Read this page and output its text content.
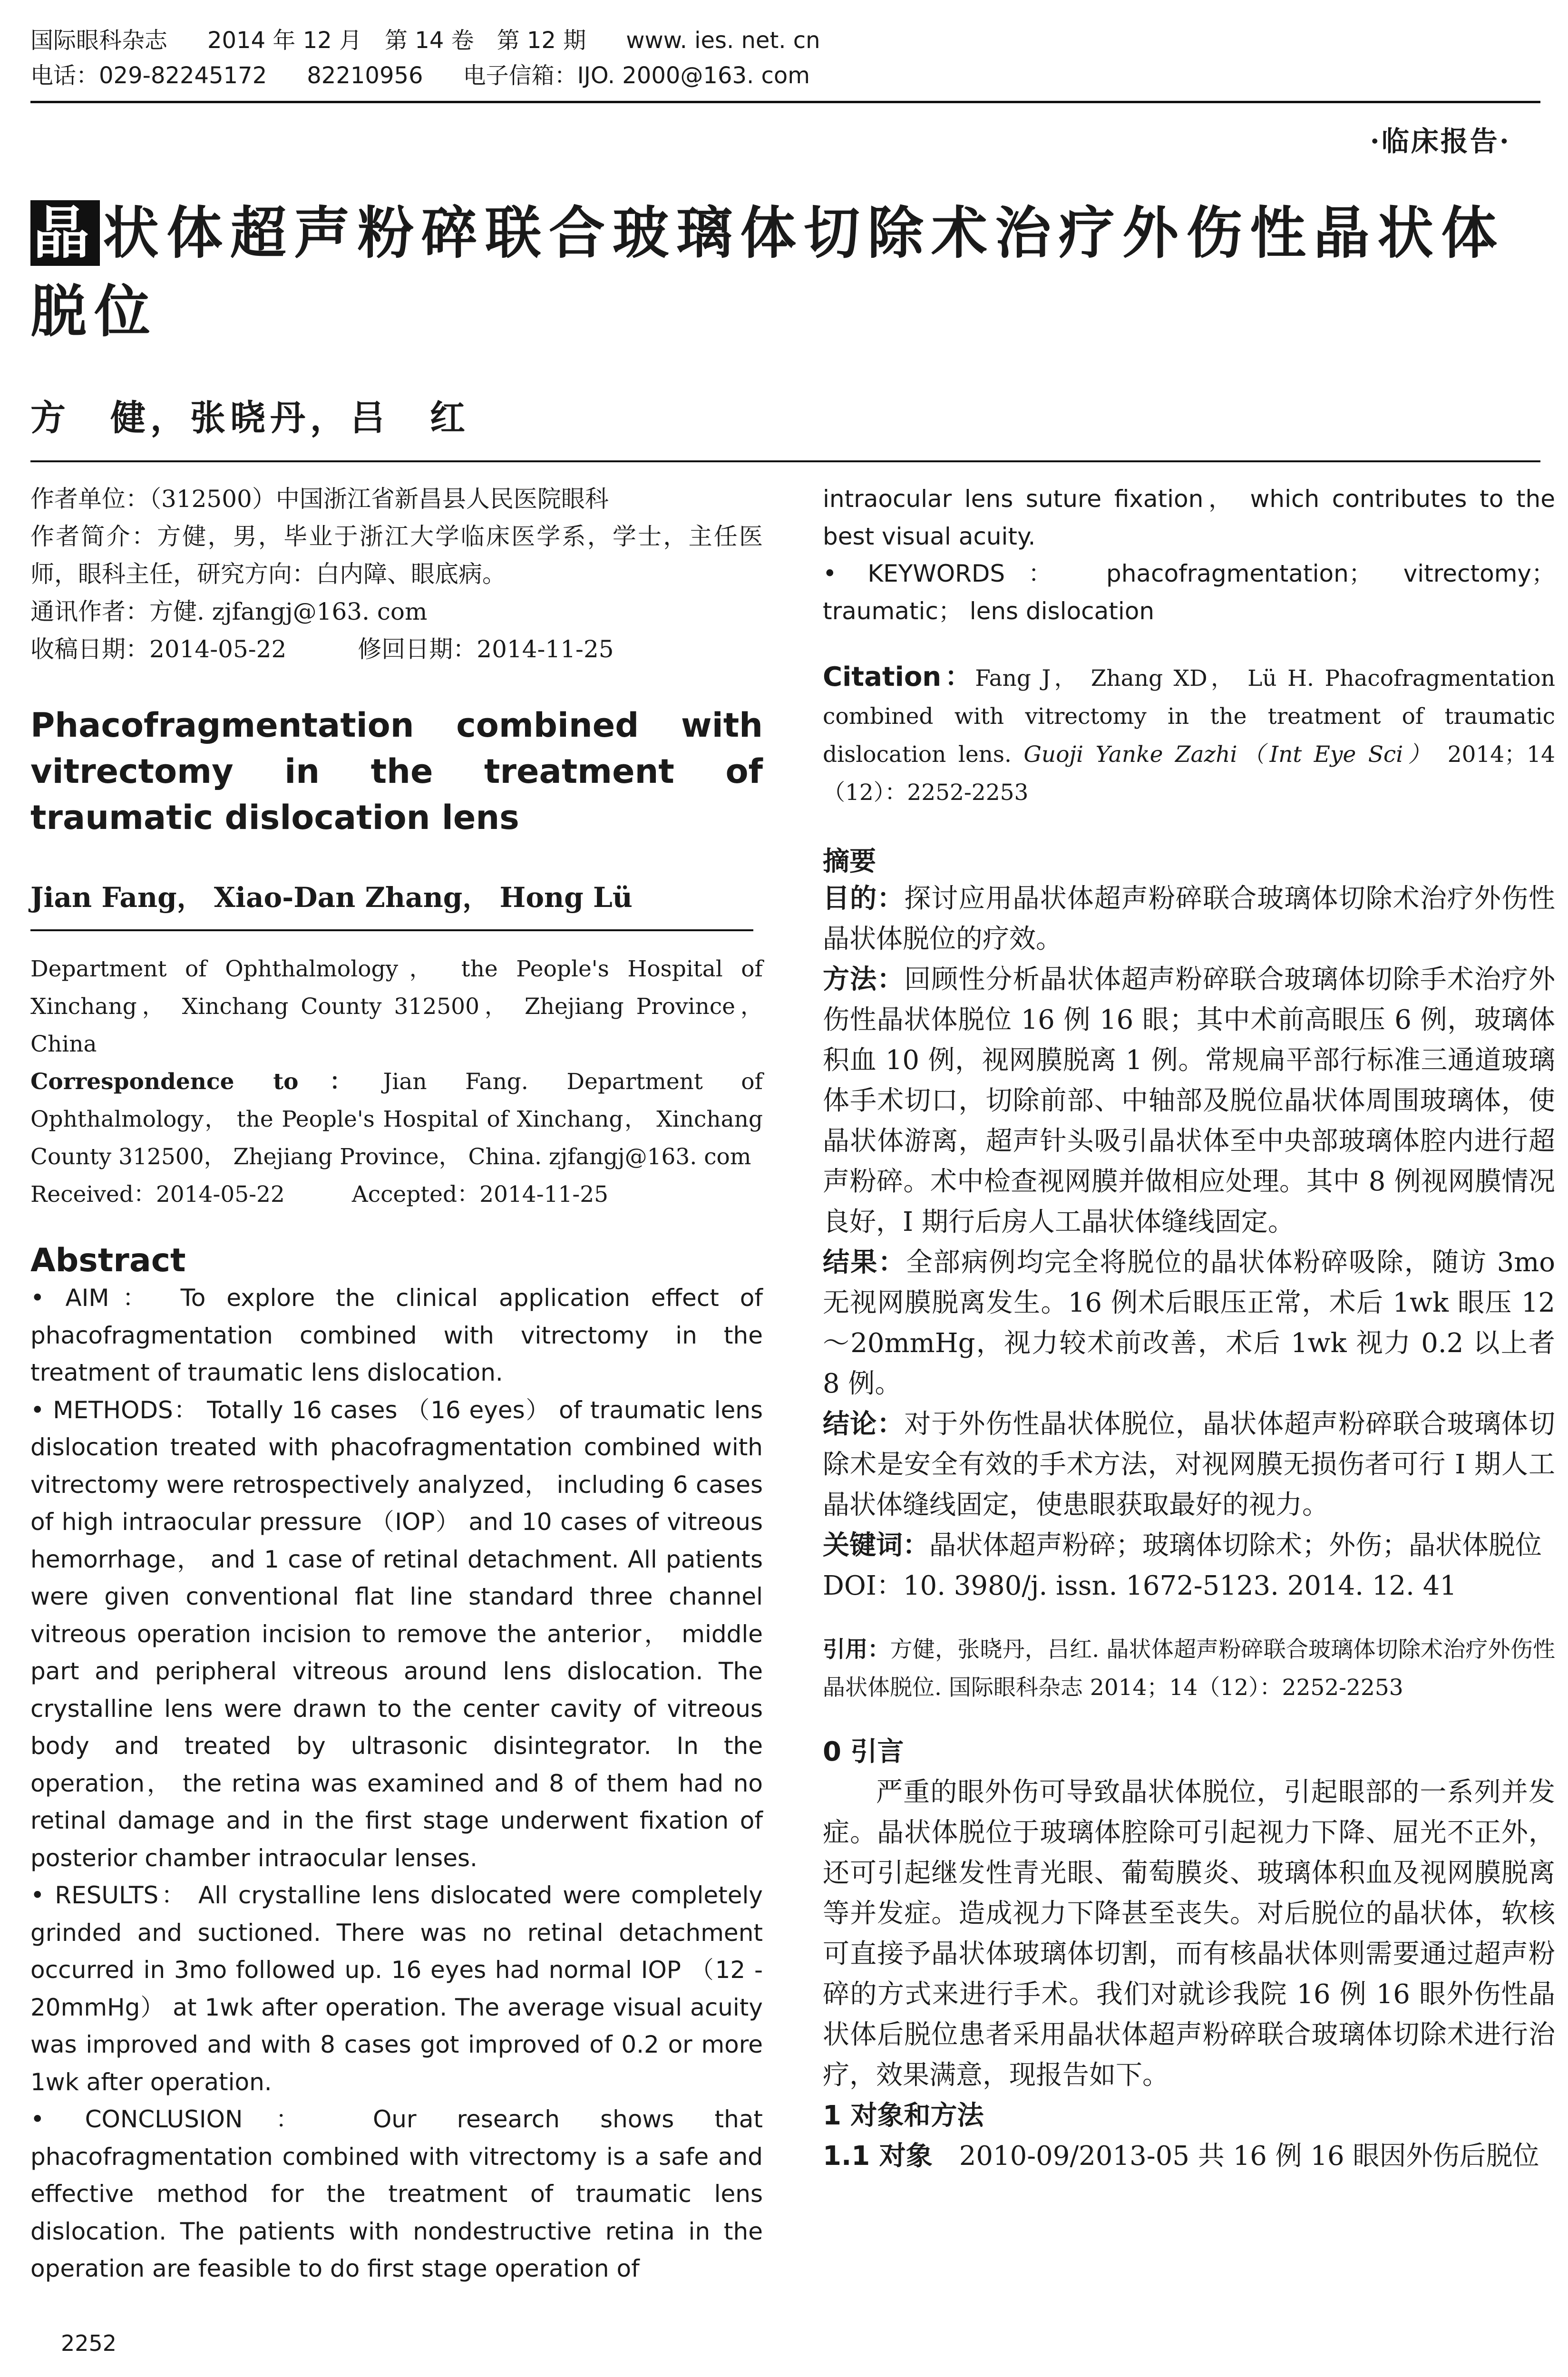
国际眼科杂志 2014 年 12 月　第 14 卷　第 12 期 www. ies. net. cn
电话：029-82245172 82210956 电子信箱：IJO. 2000@163. com
·临床报告·
晶 状体超声粉碎联合玻璃体切除术治疗外伤性晶状体脱位
方　健，张晓丹，吕　红
作者单位：（312500）中国浙江省新昌县人民医院眼科
作者简介：方健，男，毕业于浙江大学临床医学系，学士，主任医师，眼科主任，研究方向：白内障、眼底病。
通讯作者：方健. zjfangj@163. com
收稿日期：2014-05-22　　　修回日期：2014-11-25
Phacofragmentation combined with vitrectomy in the treatment of traumatic dislocation lens
Jian Fang， Xiao-Dan Zhang， Hong Lü
Department of Ophthalmology， the People's Hospital of Xinchang， Xinchang County 312500， Zhejiang Province， China
Correspondence to：Jian Fang. Department of Ophthalmology， the People's Hospital of Xinchang， Xinchang County 312500， Zhejiang Province， China. zjfangj@163. com
Received：2014-05-22　　　Accepted：2014-11-25
Abstract

• AIM： To explore the clinical application effect of phacofragmentation combined with vitrectomy in the treatment of traumatic lens dislocation.

• METHODS： Totally 16 cases （16 eyes） of traumatic lens dislocation treated with phacofragmentation combined with vitrectomy were retrospectively analyzed， including 6 cases of high intraocular pressure （IOP） and 10 cases of vitreous hemorrhage， and 1 case of retinal detachment. All patients were given conventional flat line standard three channel vitreous operation incision to remove the anterior， middle part and peripheral vitreous around lens dislocation. The crystalline lens were drawn to the center cavity of vitreous body and treated by ultrasonic disintegrator. In the operation， the retina was examined and 8 of them had no retinal damage and in the first stage underwent fixation of posterior chamber intraocular lenses.

• RESULTS： All crystalline lens dislocated were completely grinded and suctioned. There was no retinal detachment occurred in 3mo followed up. 16 eyes had normal IOP （12 - 20mmHg） at 1wk after operation. The average visual acuity was improved and with 8 cases got improved of 0.2 or more 1wk after operation.

• CONCLUSION： Our research shows that phacofragmentation combined with vitrectomy is a safe and effective method for the treatment of traumatic lens dislocation. The patients with nondestructive retina in the operation are feasible to do first stage operation of

intraocular lens suture fixation， which contributes to the best visual acuity.

• KEYWORDS： phacofragmentation； vitrectomy； traumatic； lens dislocation

Citation：Fang J， Zhang XD， Lü H. Phacofragmentation combined with vitrectomy in the treatment of traumatic dislocation lens. Guoji Yanke Zazhi（Int Eye Sci） 2014；14（12）：2252-2253
摘要

目的：探讨应用晶状体超声粉碎联合玻璃体切除术治疗外伤性晶状体脱位的疗效。

方法：回顾性分析晶状体超声粉碎联合玻璃体切除手术治疗外伤性晶状体脱位 16 例 16 眼；其中术前高眼压 6 例，玻璃体积血 10 例，视网膜脱离 1 例。常规扁平部行标准三通道玻璃体手术切口，切除前部、中轴部及脱位晶状体周围玻璃体，使晶状体游离，超声针头吸引晶状体至中央部玻璃体腔内进行超声粉碎。术中检查视网膜并做相应处理。其中 8 例视网膜情况良好，I 期行后房人工晶状体缝线固定。

结果：全部病例均完全将脱位的晶状体粉碎吸除，随访 3mo 无视网膜脱离发生。16 例术后眼压正常，术后 1wk 眼压 12～20mmHg，视力较术前改善，术后 1wk 视力 0.2 以上者 8 例。

结论：对于外伤性晶状体脱位，晶状体超声粉碎联合玻璃体切除术是安全有效的手术方法，对视网膜无损伤者可行 I 期人工晶状体缝线固定，使患眼获取最好的视力。

关键词：晶状体超声粉碎；玻璃体切除术；外伤；晶状体脱位

DOI：10. 3980/j. issn. 1672-5123. 2014. 12. 41

引用：方健，张晓丹，吕红. 晶状体超声粉碎联合玻璃体切除术治疗外伤性晶状体脱位. 国际眼科杂志 2014；14（12）：2252-2253
0 引言

严重的眼外伤可导致晶状体脱位，引起眼部的一系列并发症。晶状体脱位于玻璃体腔除可引起视力下降、屈光不正外，还可引起继发性青光眼、葡萄膜炎、玻璃体积血及视网膜脱离等并发症。造成视力下降甚至丧失。对后脱位的晶状体，软核可直接予晶状体玻璃体切割，而有核晶状体则需要通过超声粉碎的方式来进行手术。我们对就诊我院 16 例 16 眼外伤性晶状体后脱位患者采用晶状体超声粉碎联合玻璃体切除术进行治疗，效果满意，现报告如下。

1 对象和方法
1.1 对象　2010-09/2013-05 共 16 例 16 眼因外伤后脱位
2252
